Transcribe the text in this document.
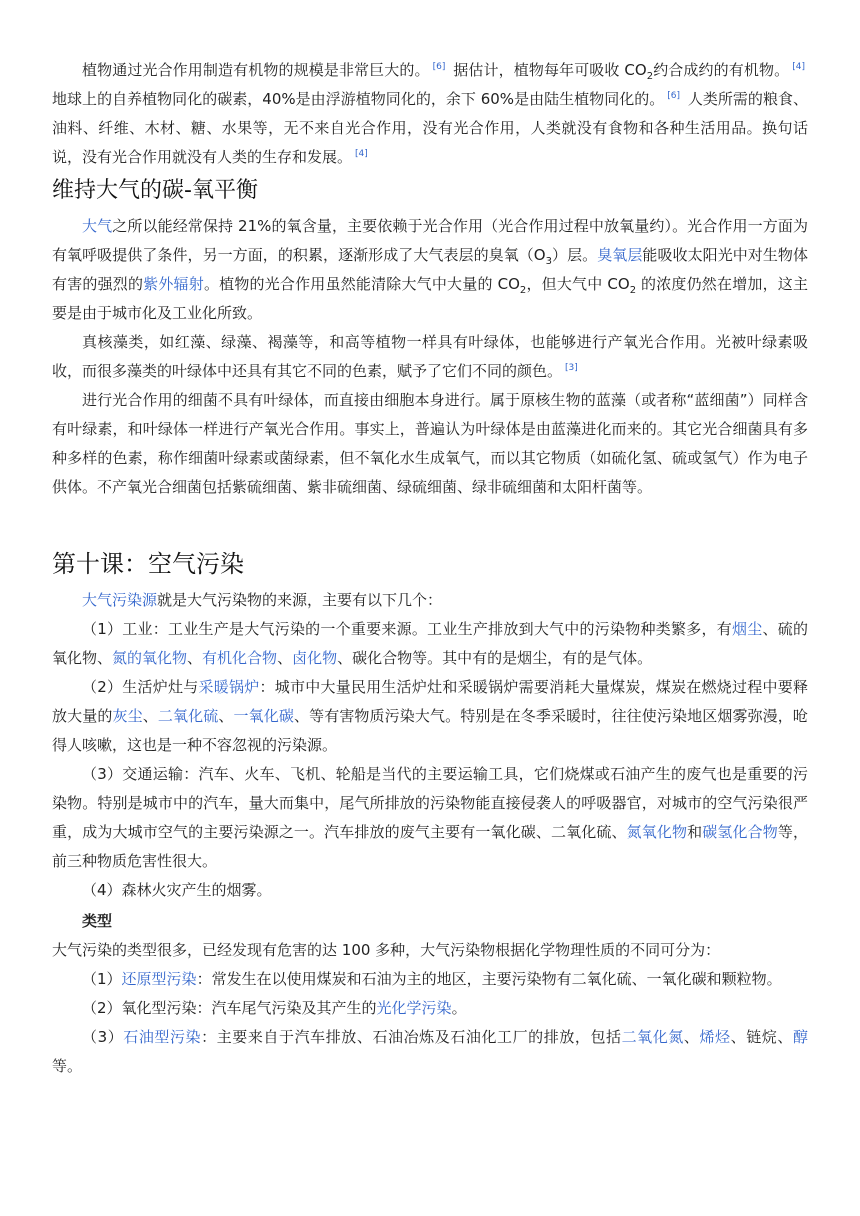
植物通过光合作用制造有机物的规模是非常巨大的。 [6] 据估计，植物每年可吸收 $CO_2$约合成约的有机物。 [4] 地球上的自养植物同化的碳素，40%是由浮游植物同化的，余下 60%是由陆生植物同化的。 [6] 人类所需的粮食、油料、纤维、木材、糖、水果等，无不来自光合作用，没有光合作用，人类就没有食物和各种生活用品。换句话说，没有光合作用就没有人类的生存和发展。 [4]

维持大气的碳-氧平衡

大气之所以能经常保持 21%的氧含量，主要依赖于光合作用（光合作用过程中放氧量约）。光合作用一方面为有氧呼吸提供了条件，另一方面，的积累，逐渐形成了大气表层的臭氧$(O_3)$层。臭氧层能吸收太阳光中对生物体有害的强烈的紫外辐射。植物的光合作用虽然能清除大气中大量的 $CO_2$，但大气中 $CO_2$ 的浓度仍然在增加，这主要是由于城市化及工业化所致。

真核藻类，如红藻、绿藻、褐藻等，和高等植物一样具有叶绿体，也能够进行产氧光合作用。光被叶绿素吸收，而很多藻类的叶绿体中还具有其它不同的色素，赋予了它们不同的颜色。 [3]

进行光合作用的细菌不具有叶绿体，而直接由细胞本身进行。属于原核生物的蓝藻（或者称“蓝细菌”）同样含有叶绿素，和叶绿体一样进行产氧光合作用。事实上，普遍认为叶绿体是由蓝藻进化而来的。其它光合细菌具有多种多样的色素，称作细菌叶绿素或菌绿素，但不氧化水生成氧气，而以其它物质（如硫化氢、硫或氢气）作为电子供体。不产氧光合细菌包括紫硫细菌、紫非硫细菌、绿硫细菌、绿非硫细菌和太阳杆菌等。

第十课：空气污染

大气污染源就是大气污染物的来源，主要有以下几个：

（1）工业：工业生产是大气污染的一个重要来源。工业生产排放到大气中的污染物种类繁多，有烟尘、硫的氧化物、氮的氧化物、有机化合物、卤化物、碳化合物等。其中有的是烟尘，有的是气体。

（2）生活炉灶与采暖锅炉：城市中大量民用生活炉灶和采暖锅炉需要消耗大量煤炭，煤炭在燃烧过程中要释放大量的灰尘、二氧化硫、一氧化碳、等有害物质污染大气。特别是在冬季采暖时，往往使污染地区烟雾弥漫，呛得人咳嗽，这也是一种不容忽视的污染源。

（3）交通运输：汽车、火车、飞机、轮船是当代的主要运输工具，它们烧煤或石油产生的废气也是重要的污染物。特别是城市中的汽车，量大而集中，尾气所排放的污染物能直接侵袭人的呼吸器官，对城市的空气污染很严重，成为大城市空气的主要污染源之一。汽车排放的废气主要有一氧化碳、二氧化硫、氮氧化物和碳氢化合物等，前三种物质危害性很大。

（4）森林火灾产生的烟雾。

类型

大气污染的类型很多，已经发现有危害的达 100 多种，大气污染物根据化学物理性质的不同可分为：

（1）还原型污染：常发生在以使用煤炭和石油为主的地区，主要污染物有二氧化硫、一氧化碳和颗粒物。

（2）氧化型污染：汽车尾气污染及其产生的光化学污染。

（3）石油型污染：主要来自于汽车排放、石油冶炼及石油化工厂的排放，包括二氧化氮、烯烃、链烷、醇等。
